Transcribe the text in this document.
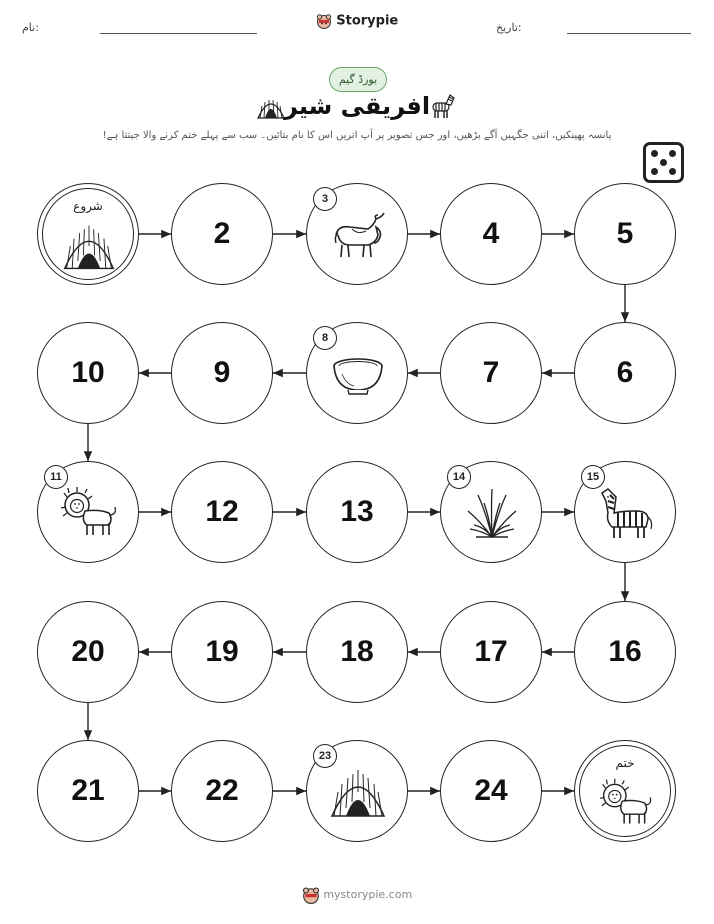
نام:	Storypie	تاریخ:
بورڈ گیم
افریقی شیر
پانسہ پھینکیں، اتنی جگہیں آگے بڑھیں، اور جس تصویر پر آپ اتریں اس کا نام بتائیں۔ سب سے پہلے ختم کرنے والا جیتتا ہے!
شروع
2
3
4	5
6
7
8
9
10
11
12	13
14	15
16
17
18
19
20
21	22
23
24
ختم
mystorypie.com
